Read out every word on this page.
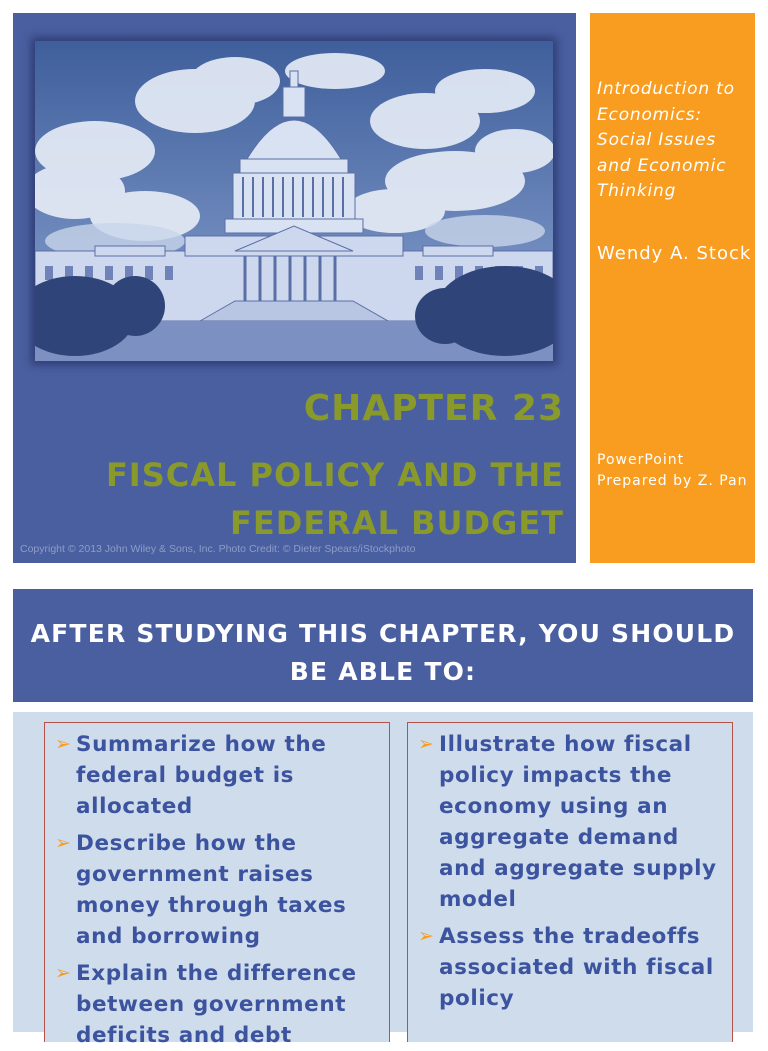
CHAPTER 23
FISCAL POLICY AND THE FEDERAL BUDGET
Copyright © 2013 John Wiley & Sons, Inc. Photo Credit: © Dieter Spears/iStockphoto

Introduction to Economics: Social Issues and Economic Thinking

Wendy A. Stock

PowerPoint Prepared by Z. Pan

AFTER STUDYING THIS CHAPTER, YOU SHOULD BE ABLE TO:
➢ Summarize how the federal budget is allocated
➢ Describe how the government raises money through taxes and borrowing
➢ Explain the difference between government deficits and debt
➢ Illustrate how fiscal policy impacts the economy using an aggregate demand and aggregate supply model
➢ Assess the tradeoffs associated with fiscal policy
